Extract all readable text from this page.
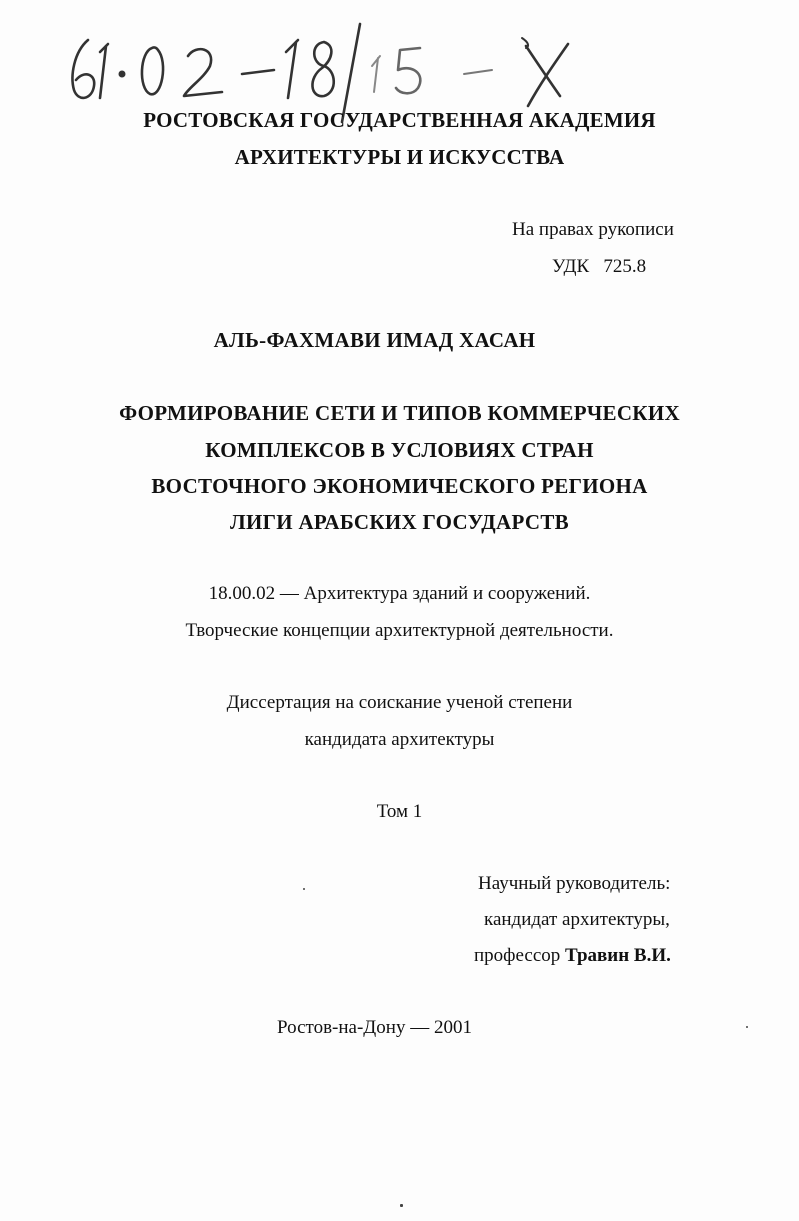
РОСТОВСКАЯ ГОСУДАРСТВЕННАЯ АКАДЕМИЯ
АРХИТЕКТУРЫ И ИСКУССТВА
На правах рукописи
УДК   725.8
АЛЬ-ФАХМАВИ ИМАД ХАСАН
ФОРМИРОВАНИЕ СЕТИ И ТИПОВ КОММЕРЧЕСКИХ
КОМПЛЕКСОВ В УСЛОВИЯХ СТРАН
ВОСТОЧНОГО ЭКОНОМИЧЕСКОГО РЕГИОНА
ЛИГИ АРАБСКИХ ГОСУДАРСТВ
18.00.02 — Архитектура зданий и сооружений.
Творческие концепции архитектурной деятельности.
Диссертация на соискание ученой степени
кандидата архитектуры
Том 1
Научный руководитель:
кандидат архитектуры,
профессор Травин В.И.
Ростов-на-Дону — 2001
